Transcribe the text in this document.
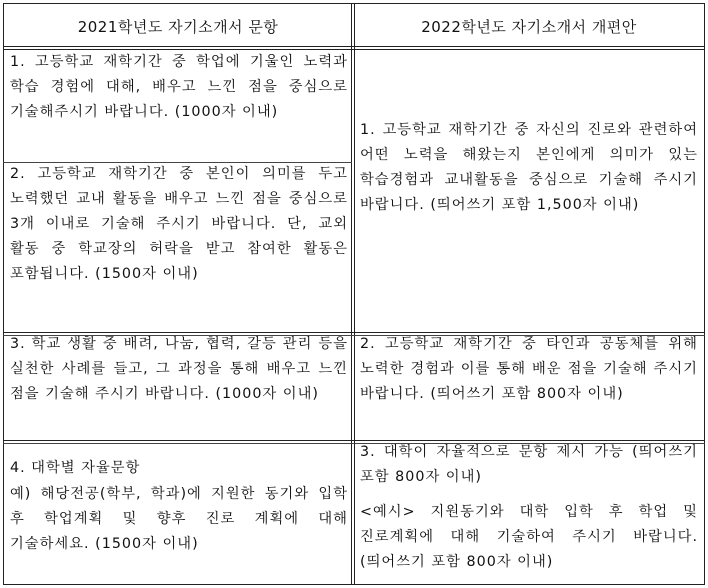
2021학년도 자기소개서 문항	2022학년도 자기소개서 개편안
1. 고등학교 재학기간 중 학업에 기울인 노력과 학습 경험에 대해, 배우고 느낀 점을 중심으로 기술해주시기 바랍니다. (1000자 이내)
2. 고등학교 재학기간 중 본인이 의미를 두고 노력했던 교내 활동을 배우고 느낀 점을 중심으로 3개 이내로 기술해 주시기 바랍니다. 단, 교외 활동 중 학교장의 허락을 받고 참여한 활동은 포함됩니다. (1500자 이내)
3. 학교 생활 중 배려, 나눔, 협력, 갈등 관리 등을 실천한 사례를 들고, 그 과정을 통해 배우고 느낀 점을 기술해 주시기 바랍니다. (1000자 이내)
4. 대학별 자율문항
예) 해당전공(학부, 학과)에 지원한 동기와 입학 후 학업계획 및 향후 진로 계획에 대해 기술하세요. (1500자 이내)
1. 고등학교 재학기간 중 자신의 진로와 관련하여 어떤 노력을 해왔는지 본인에게 의미가 있는 학습경험과 교내활동을 중심으로 기술해 주시기 바랍니다. (띄어쓰기 포함 1,500자 이내)
2. 고등학교 재학기간 중 타인과 공동체를 위해 노력한 경험과 이를 통해 배운 점을 기술해 주시기 바랍니다. (띄어쓰기 포함 800자 이내)
3. 대학이 자율적으로 문항 제시 가능 (띄어쓰기 포함 800자 이내)
<예시> 지원동기와 대학 입학 후 학업 및 진로계획에 대해 기술하여 주시기 바랍니다. (띄어쓰기 포함 800자 이내)
